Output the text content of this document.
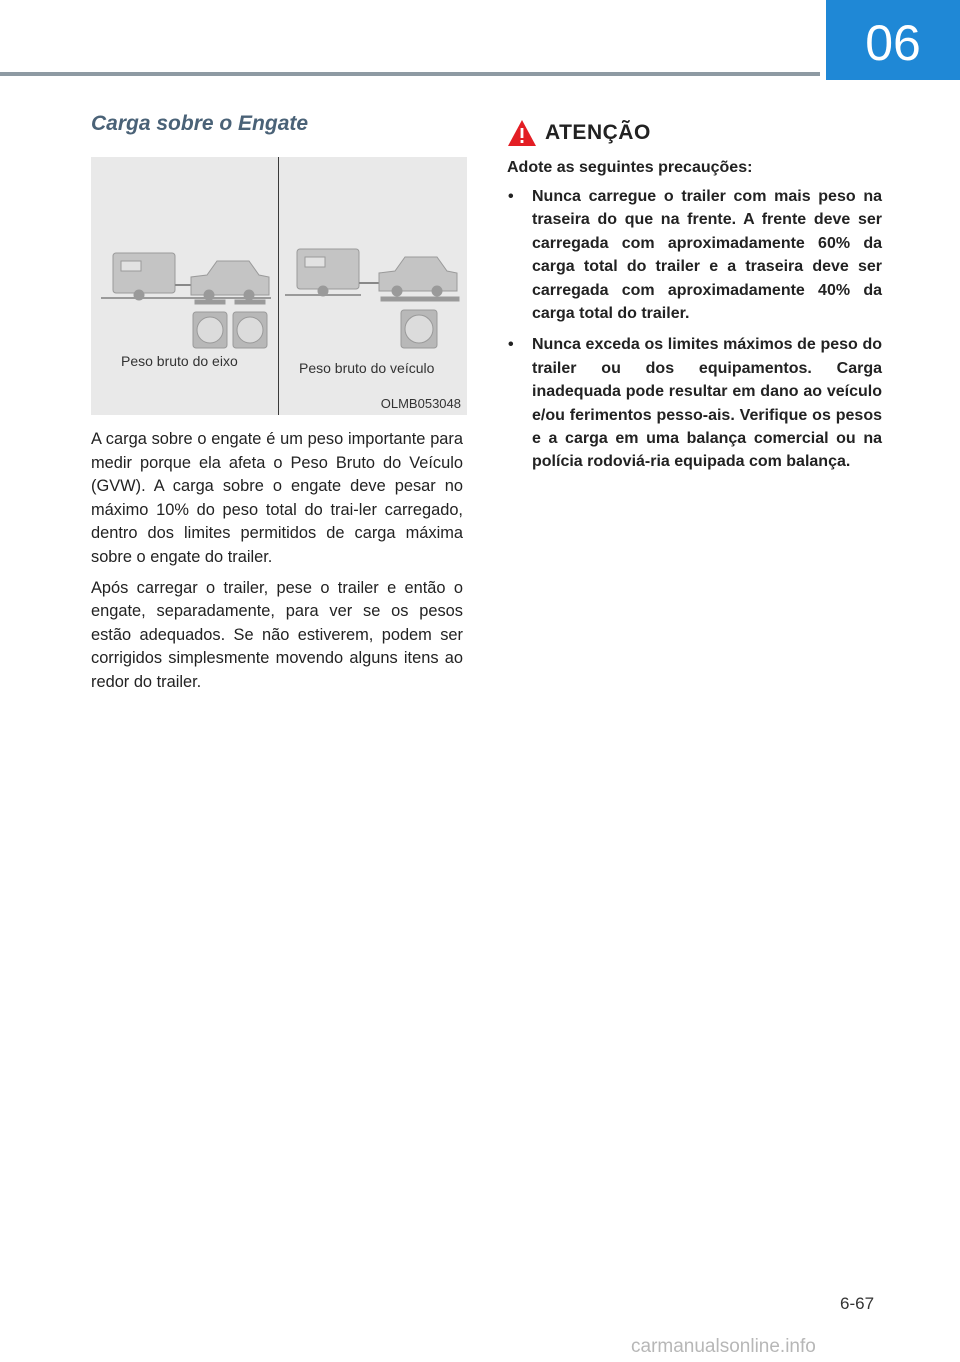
06
Carga sobre o Engate
Peso bruto do eixo	Peso bruto do veículo
OLMB053048

A carga sobre o engate é um peso importante para medir porque ela afeta o Peso Bruto do Veículo (GVW). A carga sobre o engate deve pesar no máximo 10% do peso total do trai-ler carregado, dentro dos limites permitidos de carga máxima sobre o engate do trailer.

Após carregar o trailer, pese o trailer e então o engate, separadamente, para ver se os pesos estão adequados. Se não estiverem, podem ser corrigidos simplesmente movendo alguns itens ao redor do trailer.

ATENÇÃO
Adote as seguintes precauções:
• Nunca carregue o trailer com mais peso na traseira do que na frente. A frente deve ser carregada com aproximadamente 60% da carga total do trailer e a traseira deve ser carregada com aproximadamente 40% da carga total do trailer.
• Nunca exceda os limites máximos de peso do trailer ou dos equipamentos. Carga inadequada pode resultar em dano ao veículo e/ou ferimentos pesso-ais. Verifique os pesos e a carga em uma balança comercial ou na polícia rodoviá-ria equipada com balança.
6-67
carmanualsonline.info
